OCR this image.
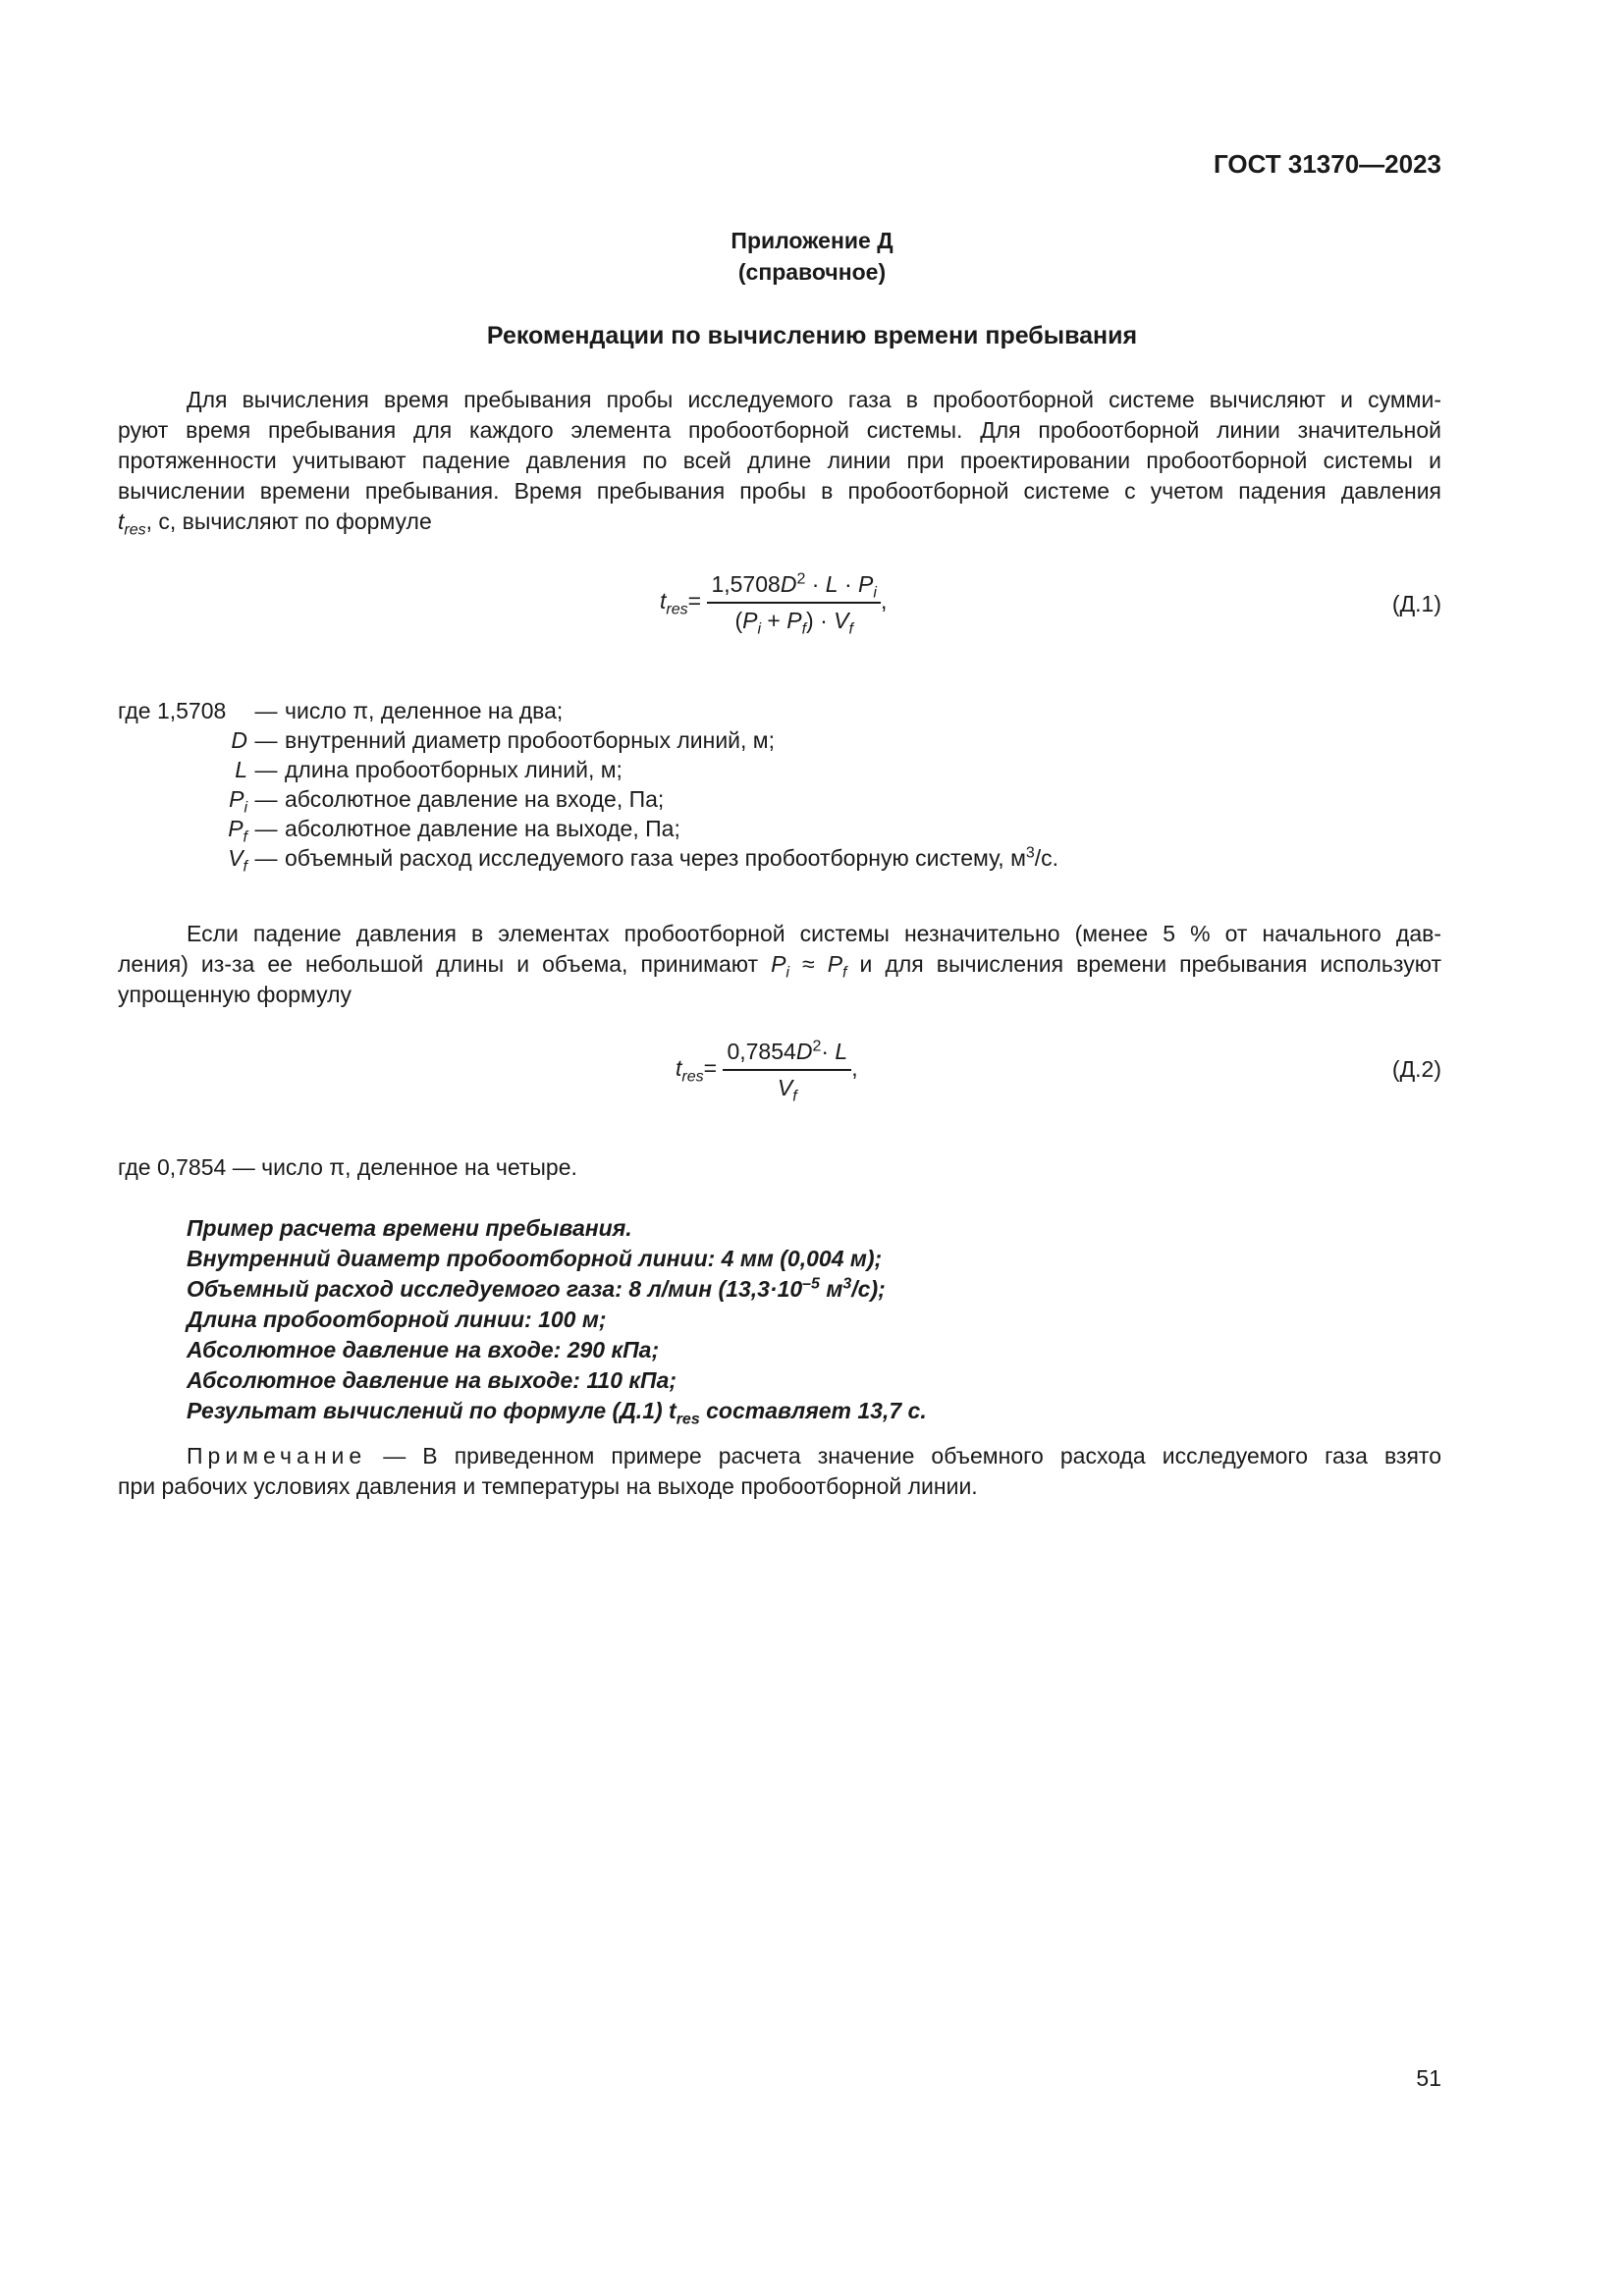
ГОСТ 31370—2023
Приложение Д
(справочное)
Рекомендации по вычислению времени пребывания
Для вычисления время пребывания пробы исследуемого газа в пробоотборной системе вычисляют и сумми-
руют время пребывания для каждого элемента пробоотборной системы. Для пробоотборной линии значительной
протяженности учитывают падение давления по всей длине линии при проектировании пробоотборной системы и
вычислении времени пребывания. Время пребывания пробы в пробоотборной системе с учетом падения давления
$t_{res}$, с, вычисляют по формуле
$t_{res}= \frac{1,5708D^2 \cdot L \cdot P_i}{(P_i + P_f) \cdot V_f}$ ,	(Д.1)
где 1,5708	— число π, деленное на два;
D — внутренний диаметр пробоотборных линий, м;
L — длина пробоотборных линий, м;
$P_i$ — абсолютное давление на входе, Па;
$P_f$ — абсолютное давление на выходе, Па;
$V_f$ — объемный расход исследуемого газа через пробоотборную систему, $м^3/с$.
Если падение давления в элементах пробоотборной системы незначительно (менее 5 % от начального дав-
ления) из-за ее небольшой длины и объема, принимают $P_i \approx P_f$ и для вычисления времени пребывания используют
упрощенную формулу
$t_{res}= \frac{0,7854D^2\cdot L}{V_f}$ ,	(Д.2)
где 0,7854 — число π, деленное на четыре.
Пример расчета времени пребывания.
Внутренний диаметр пробоотборной линии: 4 мм (0,004 м);
Объемный расход исследуемого газа: 8 л/мин ($13,3\cdot 10^{-5}$ $м^3/с$);
Длина пробоотборной линии: 100 м;
Абсолютное давление на входе: 290 кПа;
Абсолютное давление на выходе: 110 кПа;
Результат вычислений по формуле (Д.1) $t_{res}$ составляет 13,7 с.
Примечание — В приведенном примере расчета значение объемного расхода исследуемого газа взято
при рабочих условиях давления и температуры на выходе пробоотборной линии.
51
